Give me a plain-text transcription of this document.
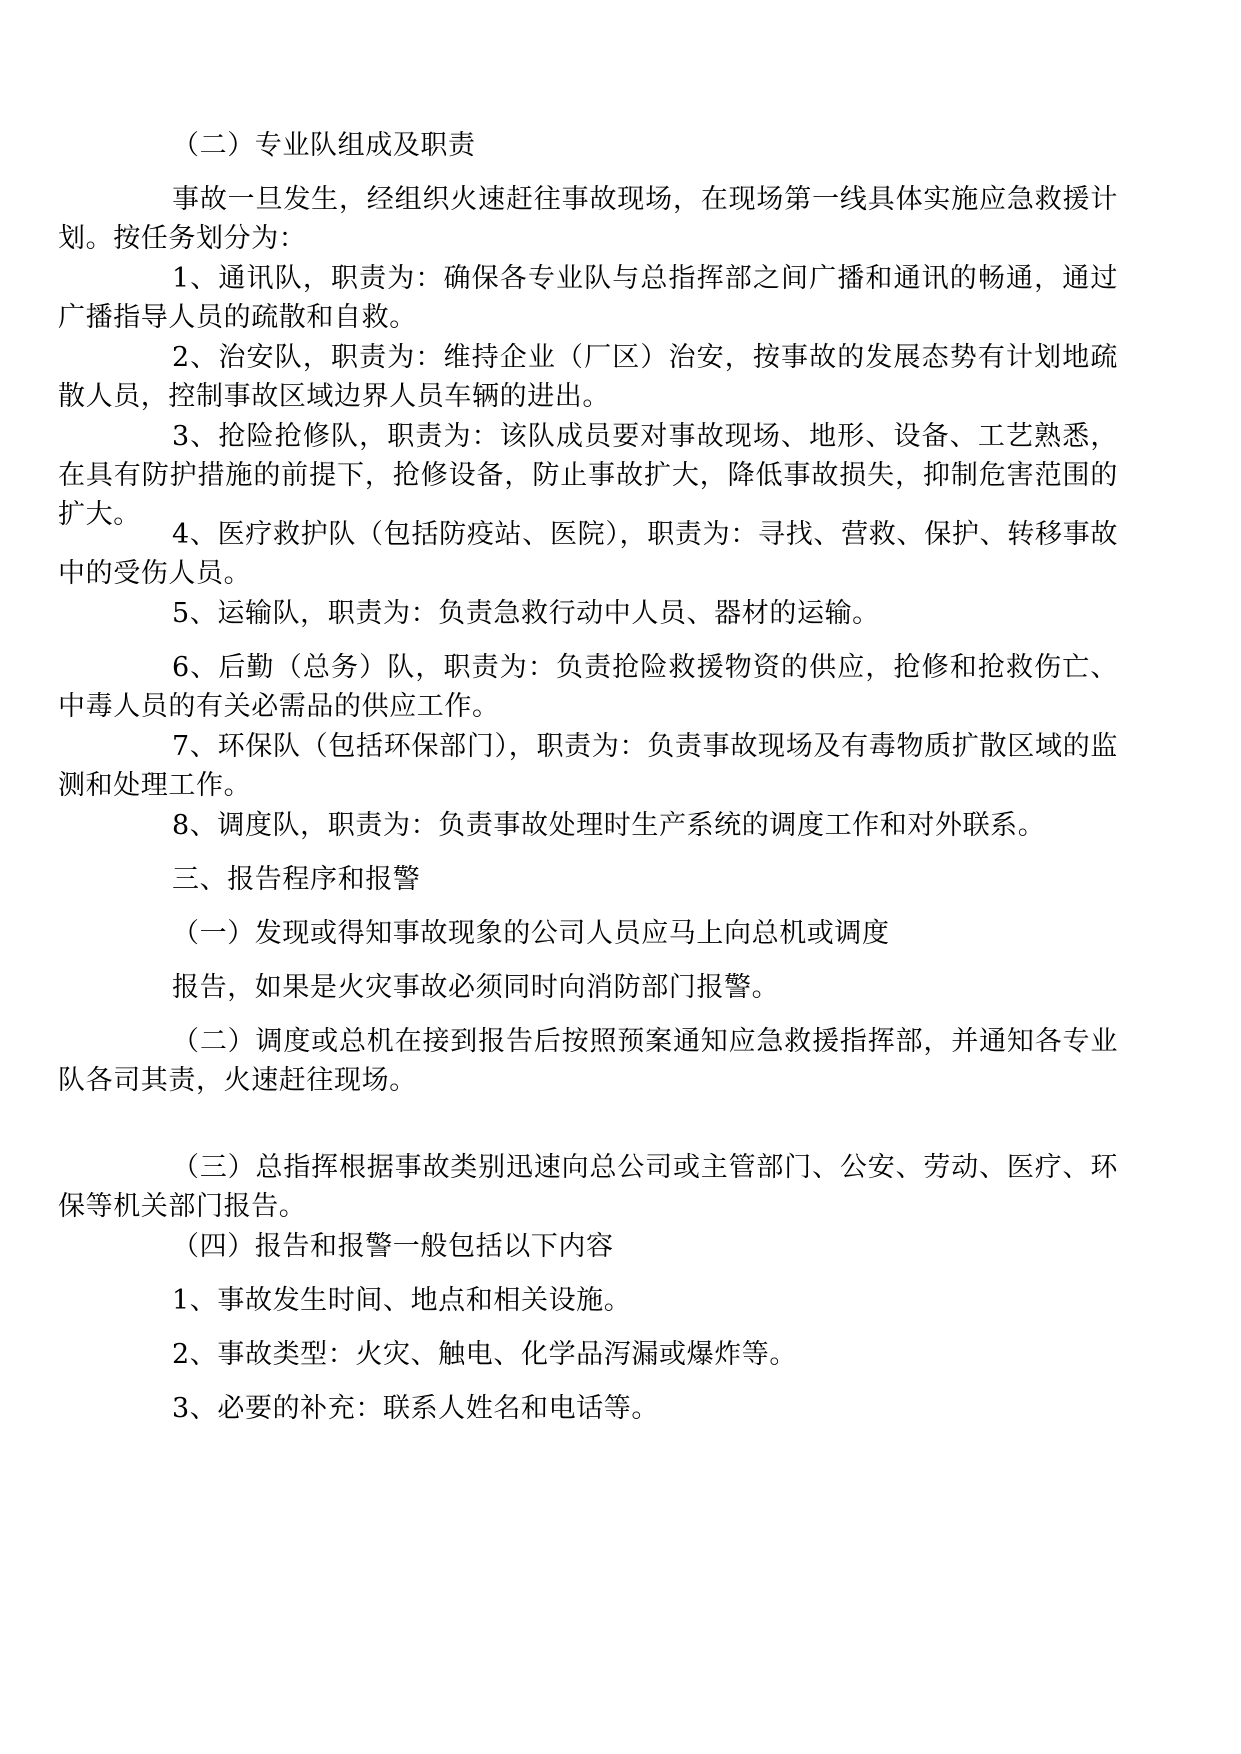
（二）专业队组成及职责

事故一旦发生，经组织火速赶往事故现场，在现场第一线具体实施应急救援计划。按任务划分为：

1、通讯队，职责为：确保各专业队与总指挥部之间广播和通讯的畅通，通过广播指导人员的疏散和自救。

2、治安队，职责为：维持企业（厂区）治安，按事故的发展态势有计划地疏散人员，控制事故区域边界人员车辆的进出。

3、抢险抢修队，职责为：该队成员要对事故现场、地形、设备、工艺熟悉，在具有防护措施的前提下，抢修设备，防止事故扩大，降低事故损失，抑制危害范围的扩大。

4、医疗救护队（包括防疫站、医院），职责为：寻找、营救、保护、转移事故中的受伤人员。

5、运输队，职责为：负责急救行动中人员、器材的运输。

6、后勤（总务）队，职责为：负责抢险救援物资的供应，抢修和抢救伤亡、中毒人员的有关必需品的供应工作。

7、环保队（包括环保部门），职责为：负责事故现场及有毒物质扩散区域的监测和处理工作。

8、调度队，职责为：负责事故处理时生产系统的调度工作和对外联系。

三、报告程序和报警

（一）发现或得知事故现象的公司人员应马上向总机或调度

报告，如果是火灾事故必须同时向消防部门报警。

（二）调度或总机在接到报告后按照预案通知应急救援指挥部，并通知各专业队各司其责，火速赶往现场。

（三）总指挥根据事故类别迅速向总公司或主管部门、公安、劳动、医疗、环保等机关部门报告。

（四）报告和报警一般包括以下内容

1、事故发生时间、地点和相关设施。

2、事故类型：火灾、触电、化学品泻漏或爆炸等。

3、必要的补充：联系人姓名和电话等。
